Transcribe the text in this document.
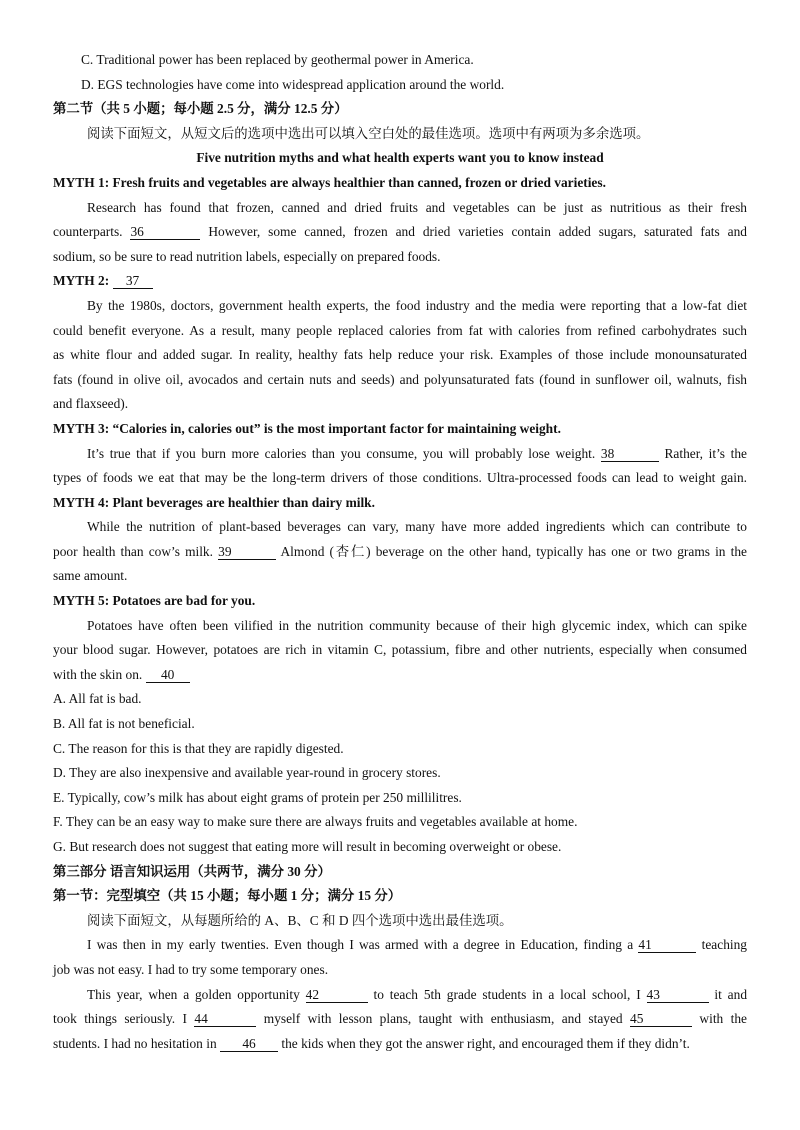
C. Traditional power has been replaced by geothermal power in America.
D. EGS technologies have come into widespread application around the world.
第二节（共 5 小题；每小题 2.5 分，满分 12.5 分）
阅读下面短文，从短文后的选项中选出可以填入空白处的最佳选项。选项中有两项为多余选项。
Five nutrition myths and what health experts want you to know instead
MYTH 1: Fresh fruits and vegetables are always healthier than canned, frozen or dried varieties.
Research has found that frozen, canned and dried fruits and vegetables can be just as nutritious as their fresh
counterparts. 36	However, some canned, frozen and dried varieties contain added sugars, saturated fats and
sodium, so be sure to read nutrition labels, especially on prepared foods.
MYTH 2: 37
By the 1980s, doctors, government health experts, the food industry and the media were reporting that a low-fat diet
could benefit everyone. As a result, many people replaced calories from fat with calories from refined carbohydrates such
as white flour and added sugar. In reality, healthy fats help reduce your risk. Examples of those include monounsaturated
fats (found in olive oil, avocados and certain nuts and seeds) and polyunsaturated fats (found in sunflower oil, walnuts, fish
and flaxseed).
MYTH 3: “Calories in, calories out” is the most important factor for maintaining weight.
It’s true that if you burn more calories than you consume, you will probably lose weight. 38	Rather, it’s the
types of foods we eat that may be the long-term drivers of those conditions. Ultra-processed foods can lead to weight gain.
MYTH 4: Plant beverages are healthier than dairy milk.
While the nutrition of plant-based beverages can vary, many have more added ingredients which can contribute to
poor health than cow’s milk. 39	Almond (杏仁) beverage on the other hand, typically has one or two grams in the
same amount.
MYTH 5: Potatoes are bad for you.
Potatoes have often been vilified in the nutrition community because of their high glycemic index, which can spike
your blood sugar. However, potatoes are rich in vitamin C, potassium, fibre and other nutrients, especially when consumed
with the skin on. 40
A. All fat is bad.
B. All fat is not beneficial.
C. The reason for this is that they are rapidly digested.
D. They are also inexpensive and available year-round in grocery stores.
E. Typically, cow’s milk has about eight grams of protein per 250 millilitres.
F. They can be an easy way to make sure there are always fruits and vegetables available at home.
G. But research does not suggest that eating more will result in becoming overweight or obese.
第三部分 语言知识运用（共两节，满分 30 分）
第一节：完型填空（共 15 小题；每小题 1 分；满分 15 分）
阅读下面短文，从每题所给的 A、B、C 和 D 四个选项中选出最佳选项。
I was then in my early twenties. Even though I was armed with a degree in Education, finding a 41	teaching
job was not easy. I had to try some temporary ones.
This year, when a golden opportunity 42	to teach 5th grade students in a local school, I 43	it and
took things seriously. I 44	myself with lesson plans, taught with enthusiasm, and stayed 45	with the
students. I had no hesitation in 46 the kids when they got the answer right, and encouraged them if they didn’t.
